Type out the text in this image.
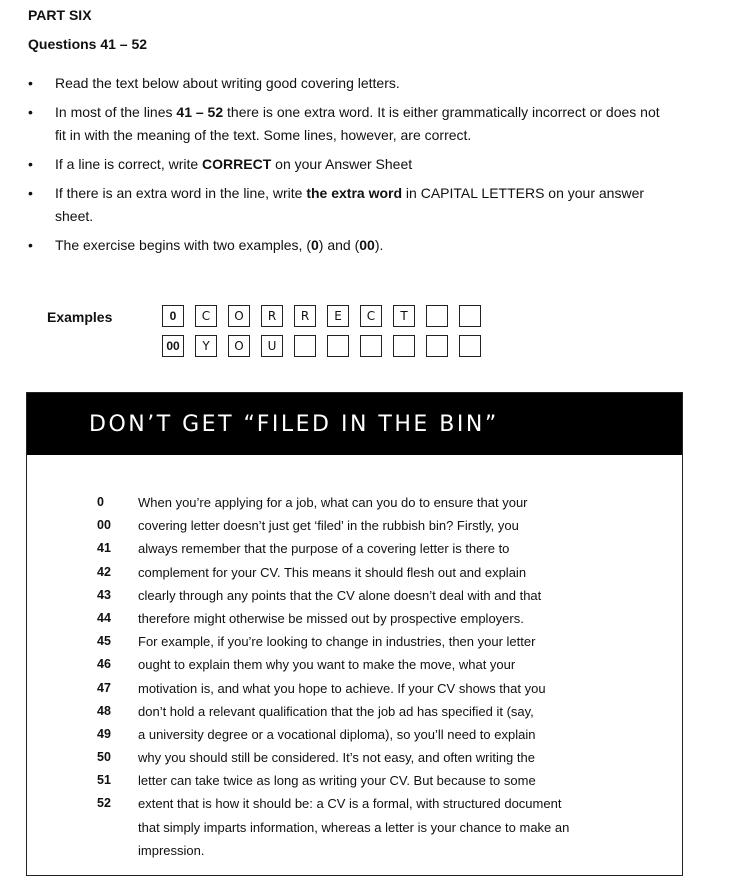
PART SIX

Questions 41 – 52

• Read the text below about writing good covering letters.
• In most of the lines 41 – 52 there is one extra word. It is either grammatically incorrect or does not fit in with the meaning of the text. Some lines, however, are correct.
• If a line is correct, write CORRECT on your Answer Sheet
• If there is an extra word in the line, write the extra word in CAPITAL LETTERS on your answer sheet.
• The exercise begins with two examples, (0) and (00).
Examples	0	C	O	R	R	E	C	T
00	Y	O	U
DON’T GET “FILED IN THE BIN”
0	When you’re applying for a job, what can you do to ensure that your
00 covering letter doesn’t just get ‘filed’ in the rubbish bin? Firstly, you
41 always remember that the purpose of a covering letter is there to
42 complement for your CV. This means it should flesh out and explain
43 clearly through any points that the CV alone doesn’t deal with and that
44 therefore might otherwise be missed out by prospective employers.
45 For example, if you’re looking to change in industries, then your letter
46 ought to explain them why you want to make the move, what your
47 motivation is, and what you hope to achieve. If your CV shows that you
48 don’t hold a relevant qualification that the job ad has specified it (say,
49 a university degree or a vocational diploma), so you’ll need to explain
50 why you should still be considered. It’s not easy, and often writing the
51 letter can take twice as long as writing your CV. But because to some
52 extent that is how it should be: a CV is a formal, with structured document
that simply imparts information, whereas a letter is your chance to make an
impression.
